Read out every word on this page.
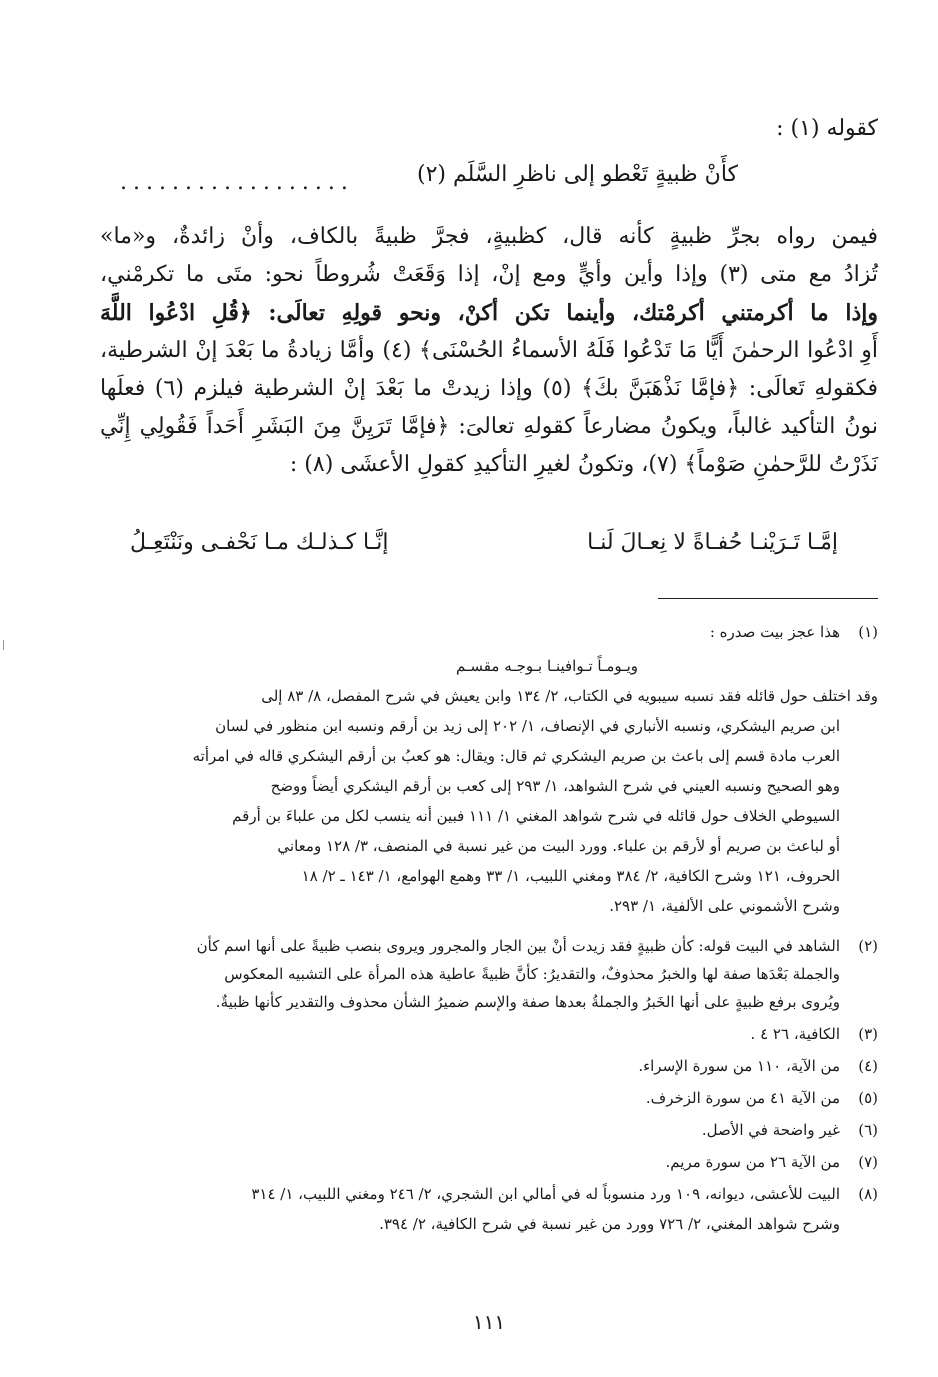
كقوله (١) :
كأَنْ ظبيةٍ تَعْطو إلى ناظرِ السَّلَم (٢)
..................
فيمن رواه بجرِّ ظبيةٍ كأنه قال، كظبيةٍ، فجرَّ ظبيةً بالكاف، وأنْ زائدةٌ، و«ما»
تُزادُ مع متى (٣) وإذا وأين وأيٍّ ومع إنْ، إذا وَقَعَتْ شُروطاً نحو: متَى ما تكرمْني،
وإذا ما أكرمتني أكرمْتك، وأينما تكن أكنْ، ونحو قولِهِ تعالَى: ﴿قُلِ ادْعُوا اللَّهَ
أَوِ ادْعُوا الرحمٰنَ أَيًّا مَا تَدْعُوا فَلَهُ الأسماءُ الحُسْنَى﴾ (٤) وأمَّا زيادةُ ما بَعْدَ إنْ الشرطية،
فكقولهِ تَعالَى: ﴿فإمَّا نَذْهَبَنَّ بكَ﴾ (٥) وإذا زيدتْ ما بَعْدَ إنْ الشرطية فيلزم (٦) فعلَها
نونُ التأكيد غالباً، ويكونُ مضارعاً كقولهِ تعالىَ: ﴿فإمَّا تَرَيِنَّ مِنَ البَشَرِ أَحَداً فَقُولِي إِنِّي
نَذَرْتُ للرَّحمٰنِ صَوْماً﴾ (٧)، وتكونُ لغيرِ التأكيدِ كقولِ الأعشَى (٨) :
إمَّـا تَـرَيْنـا حُفـاةً لا نِعـالَ لَنـا
إنَّـا كـذلـك مـا نَحْفـى ونَنْتَعِـلُ
(١)هذا عجز بيت صدره :
ويـومـاً تـوافينـا بـوجـه مقسـم
وقد اختلف حول قائله فقد نسبه سيبويه في الكتاب، ٢/ ١٣٤ وابن يعيش في شرح المفصل، ٨/ ٨٣ إلى
ابن صريم اليشكري، ونسبه الأنباري في الإنصاف، ١/ ٢٠٢ إلى زيد بن أرقم ونسبه ابن منظور في لسان
العرب مادة قسم إلى باعث بن صريم اليشكري ثم قال: ويقال: هو كعبُ بن أرقم اليشكري قاله في امرأته
وهو الصحيح ونسبه العيني في شرح الشواهد، ١/ ٢٩٣ إلى كعب بن أرقم اليشكري أيضاً ووضح
السيوطي الخلاف حول قائله في شرح شواهد المغني ١/ ١١١ فبين أنه ينسب لكل من علباءَ بن أرقم
أو لباعث بن صريم أو لأرقم بن علباء. وورد البيت من غير نسبة في المنصف، ٣/ ١٢٨ ومعاني
الحروف، ١٢١ وشرح الكافية، ٢/ ٣٨٤ ومغني اللبيب، ١/ ٣٣ وهمع الهوامع، ١/ ١٤٣ ـ ٢/ ١٨
وشرح الأشموني على الألفية، ١/ ٢٩٣.
(٢)الشاهد في البيت قوله: كأن ظبيةٍ فقد زيدت أنْ بين الجار والمجرور ويروى بنصب ظبيةً على أنها اسم كأن
والجملة بَعْدَها صفة لها والخبرُ محذوفٌ، والتقديرُ: كأنَّ ظبيةً عاطية هذه المرأة على التشبيه المعكوس
ويُروى برفع ظبيةٍ على أنها الخَبرُ والجملةُ بعدها صفة والإسم ضميرُ الشأن محذوف والتقدير كأنها ظبيةٌ.
(٣)الكافية، ٢٦ ٤ .
(٤)من الآية، ١١٠ من سورة الإسراء.
(٥)من الآية ٤١ من سورة الزخرف.
(٦)غير واضحة في الأصل.
(٧)من الآية ٢٦ من سورة مريم.
(٨)البيت للأعشى، ديوانه، ١٠٩ ورد منسوباً له في أمالي ابن الشجري، ٢/ ٢٤٦ ومغني اللبيب، ١/ ٣١٤
وشرح شواهد المغني، ٢/ ٧٢٦ وورد من غير نسبة في شرح الكافية، ٢/ ٣٩٤.
١١١
